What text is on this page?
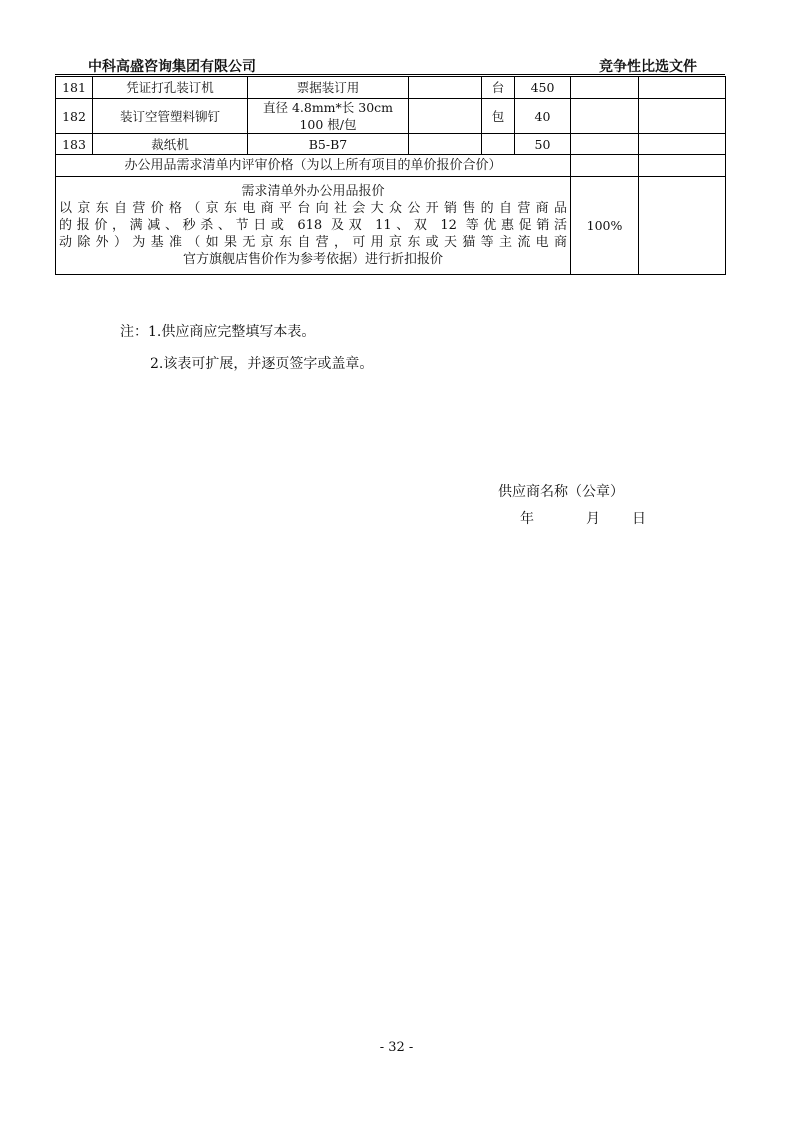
中科高盛咨询集团有限公司	竞争性比选文件
181	凭证打孔装订机	票据装订用		台	450		
182	装订空管塑料铆钉	直径 4.8mm*长 30cm 100 根/包		包	40		
183	裁纸机	B5-B7			50		
办公用品需求清单内评审价格（为以上所有项目的单价报价合价）							

需求清单外办公用品报价
以京东自营价格（京东电商平台向社会大众公开销售的自营商品
的报价，满减、秒杀、节日或 618 及双 11、双 12 等优惠促销活
动除外）为基准（如果无京东自营，可用京东或天猫等主流电商
官方旗舰店售价作为参考依据）进行折扣报价						100%	
注：1.供应商应完整填写本表。
2.该表可扩展，并逐页签字或盖章。
供应商名称（公章）
年	月 日
- 32 -
